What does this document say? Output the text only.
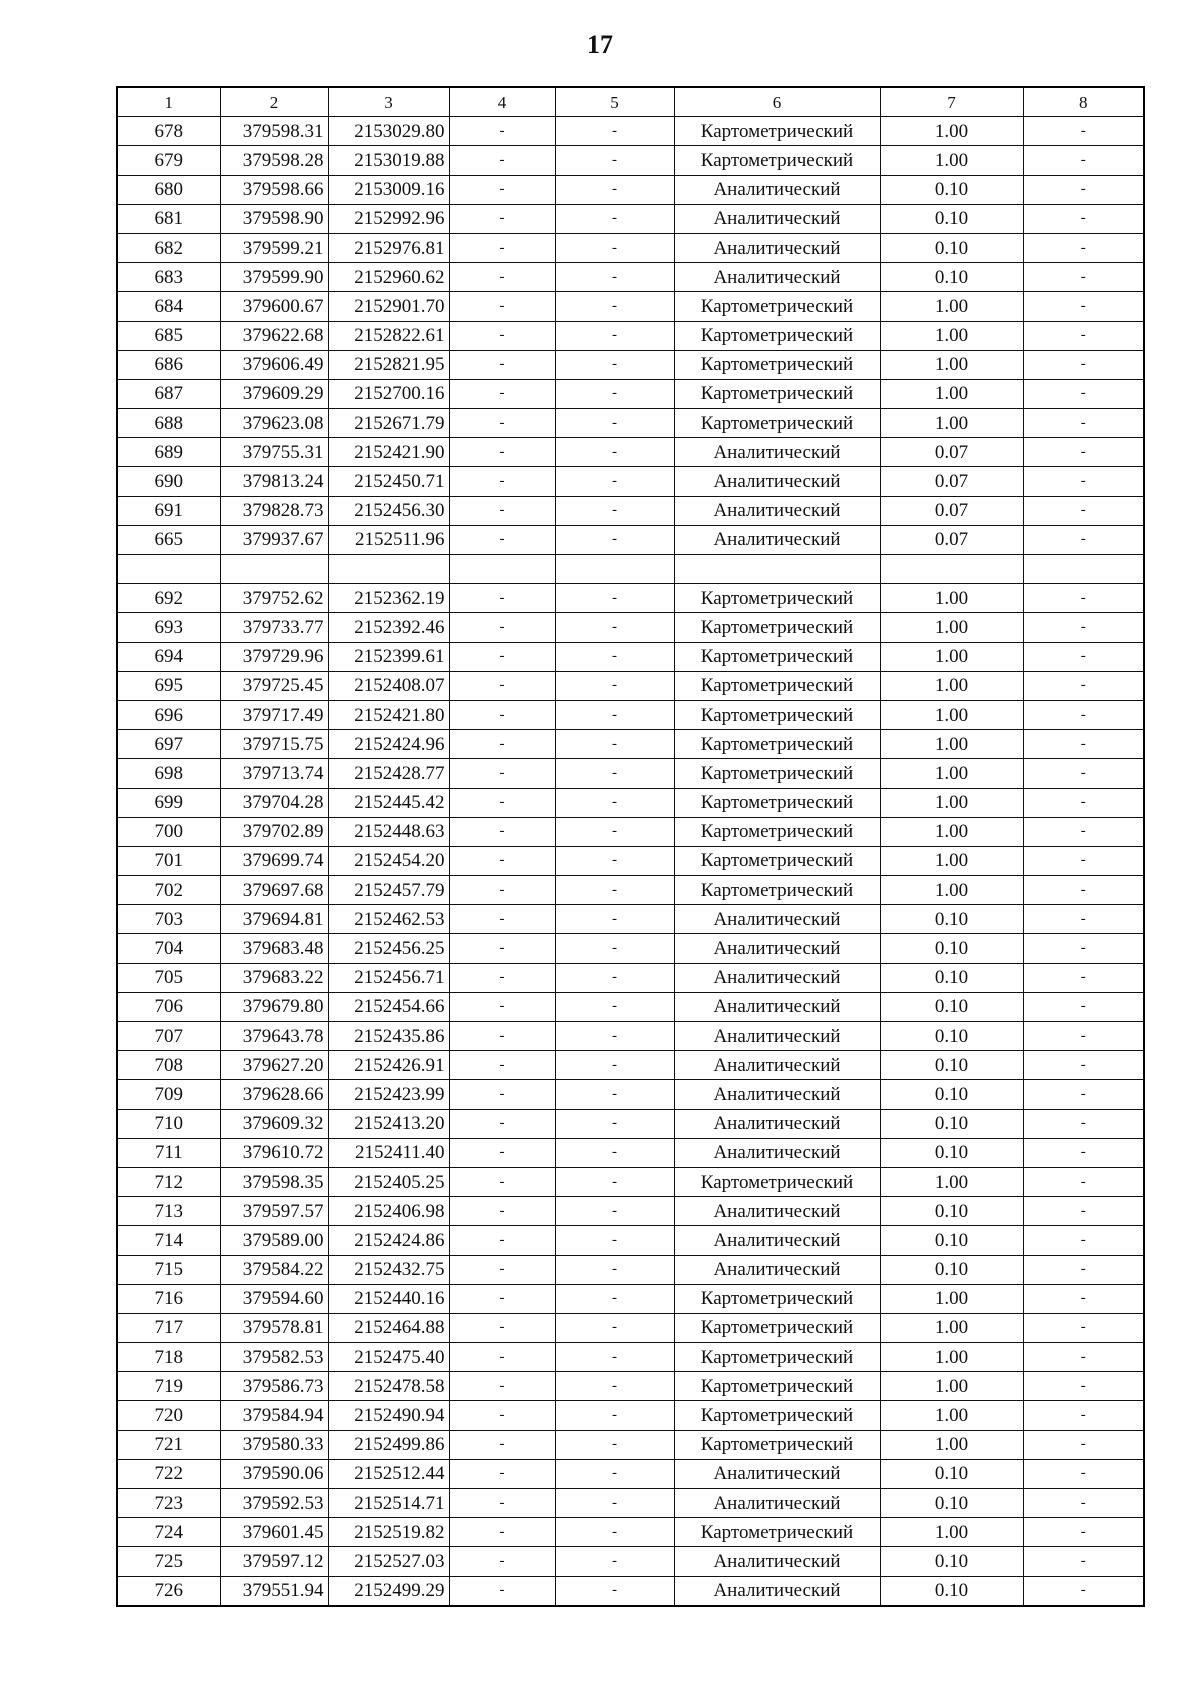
17
1	2	3	4	5	6	7	8
678	379598.31	2153029.80	-	-	Картометрический	1.00	-
679	379598.28	2153019.88	-	-	Картометрический	1.00	-
680	379598.66	2153009.16	-	-	Аналитический	0.10	-
681	379598.90	2152992.96	-	-	Аналитический	0.10	-
682	379599.21	2152976.81	-	-	Аналитический	0.10	-
683	379599.90	2152960.62	-	-	Аналитический	0.10	-
684	379600.67	2152901.70	-	-	Картометрический	1.00	-
685	379622.68	2152822.61	-	-	Картометрический	1.00	-
686	379606.49	2152821.95	-	-	Картометрический	1.00	-
687	379609.29	2152700.16	-	-	Картометрический	1.00	-
688	379623.08	2152671.79	-	-	Картометрический	1.00	-
689	379755.31	2152421.90	-	-	Аналитический	0.07	-
690	379813.24	2152450.71	-	-	Аналитический	0.07	-
691	379828.73	2152456.30	-	-	Аналитический	0.07	-
665	379937.67	2152511.96	-	-	Аналитический	0.07	-

692	379752.62	2152362.19	-	-	Картометрический	1.00	-
693	379733.77	2152392.46	-	-	Картометрический	1.00	-
694	379729.96	2152399.61	-	-	Картометрический	1.00	-
695	379725.45	2152408.07	-	-	Картометрический	1.00	-
696	379717.49	2152421.80	-	-	Картометрический	1.00	-
697	379715.75	2152424.96	-	-	Картометрический	1.00	-
698	379713.74	2152428.77	-	-	Картометрический	1.00	-
699	379704.28	2152445.42	-	-	Картометрический	1.00	-
700	379702.89	2152448.63	-	-	Картометрический	1.00	-
701	379699.74	2152454.20	-	-	Картометрический	1.00	-
702	379697.68	2152457.79	-	-	Картометрический	1.00	-
703	379694.81	2152462.53	-	-	Аналитический	0.10	-
704	379683.48	2152456.25	-	-	Аналитический	0.10	-
705	379683.22	2152456.71	-	-	Аналитический	0.10	-
706	379679.80	2152454.66	-	-	Аналитический	0.10	-
707	379643.78	2152435.86	-	-	Аналитический	0.10	-
708	379627.20	2152426.91	-	-	Аналитический	0.10	-
709	379628.66	2152423.99	-	-	Аналитический	0.10	-
710	379609.32	2152413.20	-	-	Аналитический	0.10	-
711	379610.72	2152411.40	-	-	Аналитический	0.10	-
712	379598.35	2152405.25	-	-	Картометрический	1.00	-
713	379597.57	2152406.98	-	-	Аналитический	0.10	-
714	379589.00	2152424.86	-	-	Аналитический	0.10	-
715	379584.22	2152432.75	-	-	Аналитический	0.10	-
716	379594.60	2152440.16	-	-	Картометрический	1.00	-
717	379578.81	2152464.88	-	-	Картометрический	1.00	-
718	379582.53	2152475.40	-	-	Картометрический	1.00	-
719	379586.73	2152478.58	-	-	Картометрический	1.00	-
720	379584.94	2152490.94	-	-	Картометрический	1.00	-
721	379580.33	2152499.86	-	-	Картометрический	1.00	-
722	379590.06	2152512.44	-	-	Аналитический	0.10	-
723	379592.53	2152514.71	-	-	Аналитический	0.10	-
724	379601.45	2152519.82	-	-	Картометрический	1.00	-
725	379597.12	2152527.03	-	-	Аналитический	0.10	-
726	379551.94	2152499.29	-	-	Аналитический	0.10	-
